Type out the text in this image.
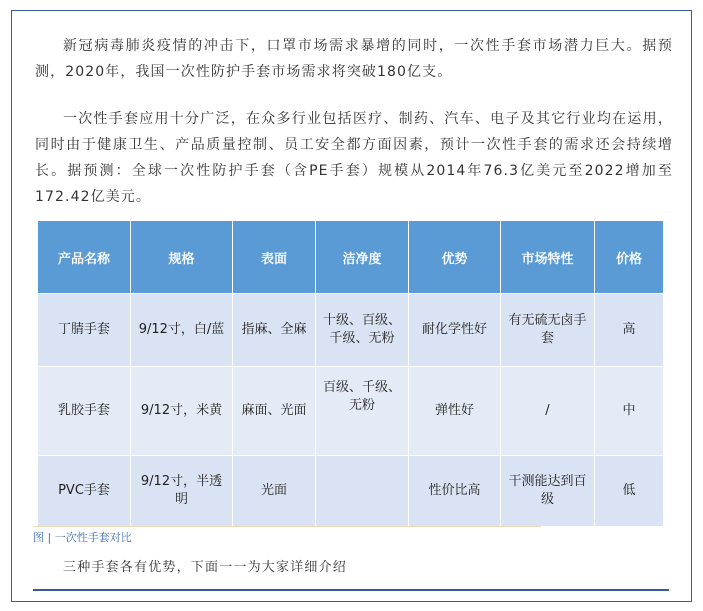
新冠病毒肺炎疫情的冲击下，口罩市场需求暴增的同时，一次性手套市场潜力巨大。据预测，2020年，我国一次性防护手套市场需求将突破180亿支。

一次性手套应用十分广泛，在众多行业包括医疗、制药、汽车、电子及其它行业均在运用，同时由于健康卫生、产品质量控制、员工安全都方面因素，预计一次性手套的需求还会持续增长。据预测：全球一次性防护手套（含PE手套）规模从2014年76.3亿美元至2022增加至172.42亿美元。

产品名称	规格	表面	洁净度	优势	市场特性	价格
丁腈手套	9/12寸，白/蓝	指麻、全麻	十级、百级、千级、无粉	耐化学性好	有无硫无卤手套	高
乳胶手套	9/12寸，米黄	麻面、光面	百级、千级、无粉	弹性好	/	中
PVC手套	9/12寸，半透明	光面		性价比高	干测能达到百级	低
图 | 一次性手套对比
三种手套各有优势，下面一一为大家详细介绍
